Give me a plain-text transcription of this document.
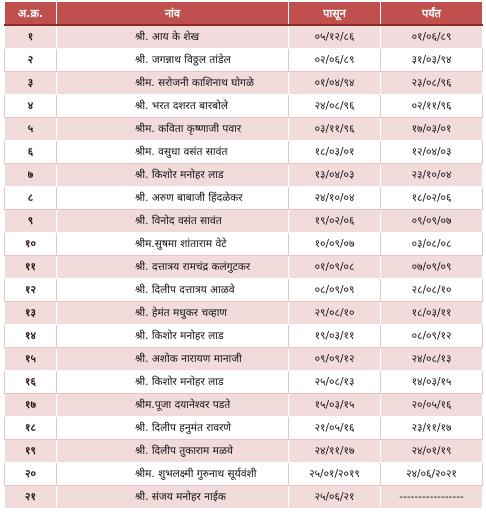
अ.क्र.	नांव	पासून	पर्यंत
१	श्री. आय के शेख	०५/१२/८६	०१/०६/८९
२	श्री. जगन्नाथ विठ्ठल तांडेल	०२/०६/८९	३१/०३/९४
३	श्रीम. सरोजनी काशिनाथ घोगळे	०१/०४/९४	२३/०८/९६
४	श्री. भरत दशरत बारबोले	२४/०८/९६	०२/११/९६
५	श्रीम. कविता कृष्णाजी पवार	०३/११/९६	१७/०३/०१
६	श्रीम. वसुधा वसंत सावंत	१८/०३/०१	१२/०४/०३
७	श्री. किशोर मनोहर लाड	१३/०४/०३	२३/१०/०४
८	श्री. अरुण बाबाजी हिंदळेकर	२४/१०/०४	१८/०२/०६
९	श्री. विनोद वसंत सावंत	१९/०२/०६	०९/०९/०७
१०	श्रीम.सुषमा शांताराम वेटे	१०/०९/०७	०३/०८/०८
११	श्री. दत्तात्रय रामचंद्र कलंगुटकर	०१/०९/०८	०७/०९/०९
१२	श्री. दिलीप दत्तात्रय आळवे	०८/०९/०९	२८/०८/१०
१३	श्री. हेमंत मधुकर चव्हाण	२९/०८/१०	१८/०३/११
१४	श्री. किशोर मनोहर लाड	१९/०३/११	०८/०९/१२
१५	श्री. अशोक नारायण मानाजी	०९/०९/१२	२४/०८/१३
१६	श्री. किशोर मनोहर लाड	२५/०८/१३	१४/०३/१५
१७	श्रीम.पूजा दयानेश्वर पडते	१५/०३/१५	२०/०५/१६
१८	श्री. दिलीप हनुमंत रावरणे	२१/०५/१६	२३/११/१७
१९	श्री. दिलीप तुकाराम मळये	२४/११/१७	२४/०१/१९
२०	श्रीम. शुभलक्ष्मी गुरुनाथ सूर्यवंशी	२५/०१/२०१९	२४/०६/२०२१
२१	श्री. संजय मनोहर नाईक	२५/०६/२१	-----------------
